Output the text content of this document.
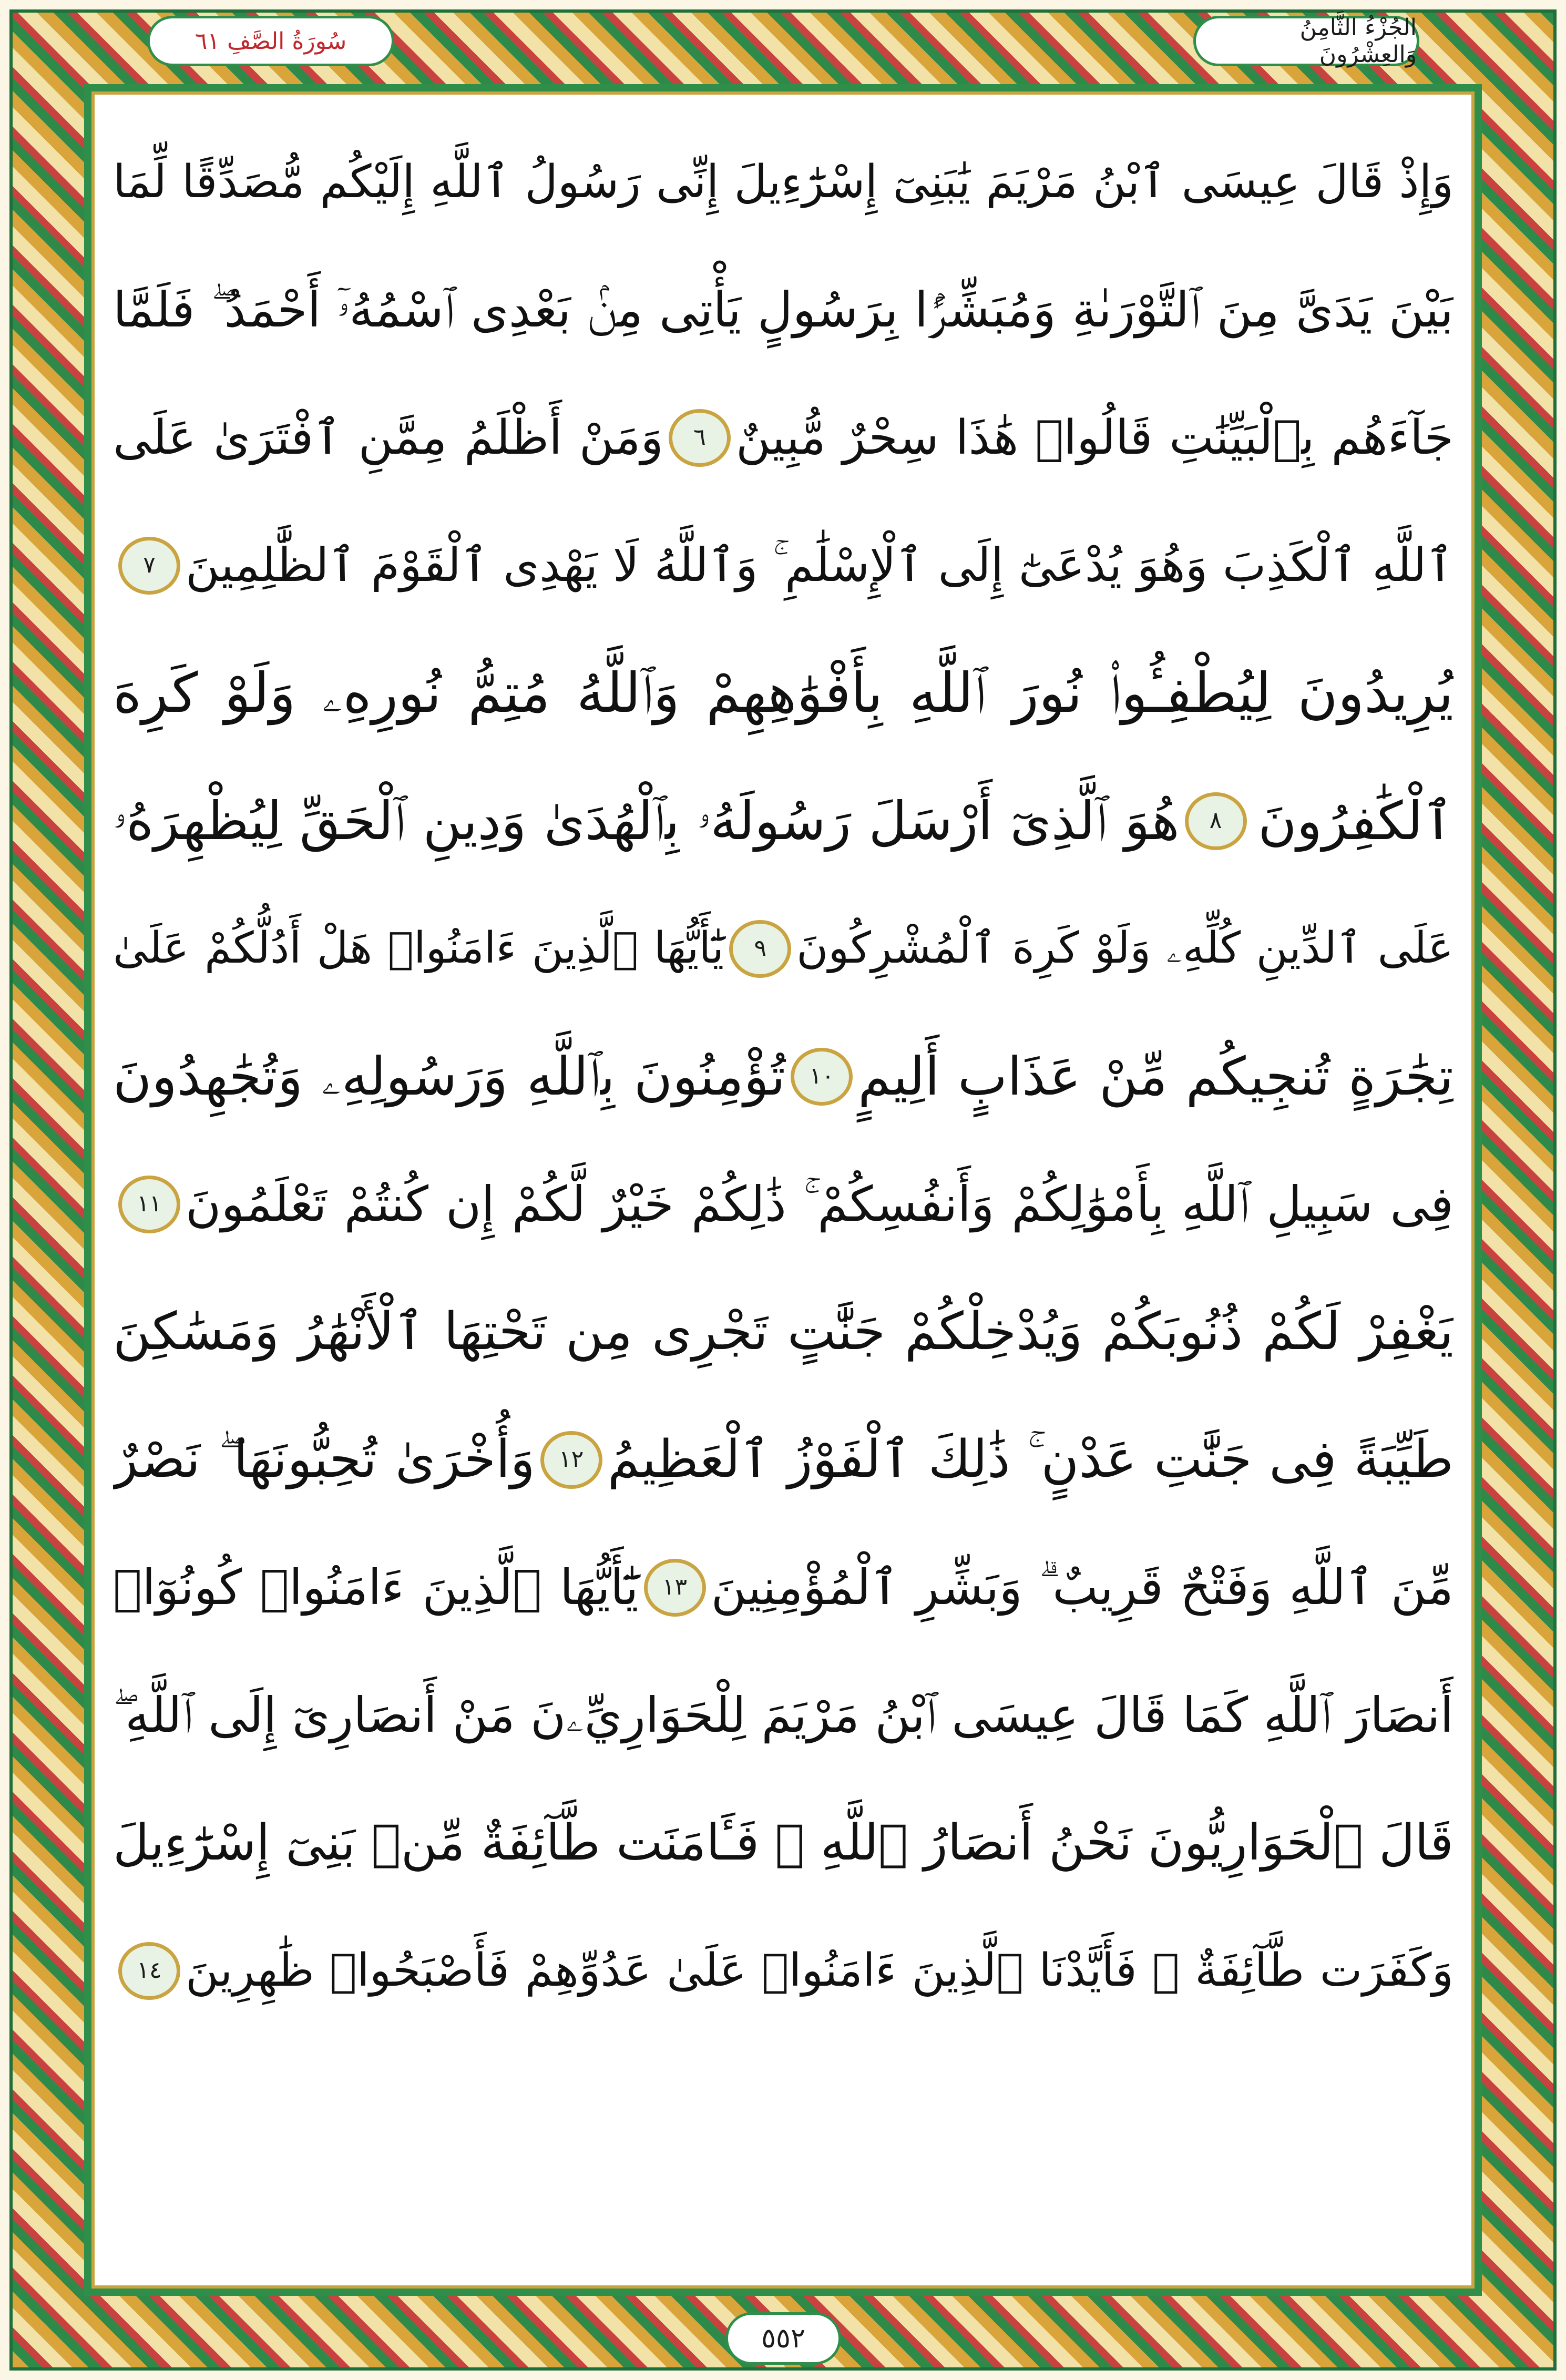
سُورَةُ الصَّفِ ٦١	الجُزْءُ الثَّامِنُ وَالعِشْرُونَ
وَإِذْ قَالَ عِيسَى ٱبْنُ مَرْيَمَ يَٰبَنِىٓ إِسْرَٰٓءِيلَ إِنِّى رَسُولُ ٱللَّهِ إِلَيْكُم مُّصَدِّقًا لِّمَا
بَيْنَ يَدَىَّ مِنَ ٱلتَّوْرَىٰةِ وَمُبَشِّرًۢا بِرَسُولٍ يَأْتِى مِنۢ بَعْدِى ٱسْمُهُۥٓ أَحْمَدُ ۖ فَلَمَّا
جَآءَهُم بِٱلْبَيِّنَٰتِ قَالُوا۟ هَٰذَا سِحْرٌ مُّبِينٌ
٦
وَمَنْ أَظْلَمُ مِمَّنِ ٱفْتَرَىٰ عَلَى
ٱللَّهِ ٱلْكَذِبَ وَهُوَ يُدْعَىٰٓ إِلَى ٱلْإِسْلَٰمِ ۚ وَٱللَّهُ لَا يَهْدِى ٱلْقَوْمَ ٱلظَّٰلِمِينَ
٧
يُرِيدُونَ لِيُطْفِـُٔوا۟ نُورَ ٱللَّهِ بِأَفْوَٰهِهِمْ وَٱللَّهُ مُتِمُّ نُورِهِۦ وَلَوْ كَرِهَ
ٱلْكَٰفِرُونَ
٨
هُوَ ٱلَّذِىٓ أَرْسَلَ رَسُولَهُۥ بِٱلْهُدَىٰ وَدِينِ ٱلْحَقِّ لِيُظْهِرَهُۥ
عَلَى ٱلدِّينِ كُلِّهِۦ وَلَوْ كَرِهَ ٱلْمُشْرِكُونَ
٩
يَٰٓأَيُّهَا ٱلَّذِينَ ءَامَنُوا۟ هَلْ أَدُلُّكُمْ عَلَىٰ
تِجَٰرَةٍ تُنجِيكُم مِّنْ عَذَابٍ أَلِيمٍ
١٠
تُؤْمِنُونَ بِٱللَّهِ وَرَسُولِهِۦ وَتُجَٰهِدُونَ
فِى سَبِيلِ ٱللَّهِ بِأَمْوَٰلِكُمْ وَأَنفُسِكُمْ ۚ ذَٰلِكُمْ خَيْرٌ لَّكُمْ إِن كُنتُمْ تَعْلَمُونَ
١١
يَغْفِرْ لَكُمْ ذُنُوبَكُمْ وَيُدْخِلْكُمْ جَنَّٰتٍ تَجْرِى مِن تَحْتِهَا ٱلْأَنْهَٰرُ وَمَسَٰكِنَ
طَيِّبَةً فِى جَنَّٰتِ عَدْنٍ ۚ ذَٰلِكَ ٱلْفَوْزُ ٱلْعَظِيمُ
١٢
وَأُخْرَىٰ تُحِبُّونَهَا ۖ نَصْرٌ
مِّنَ ٱللَّهِ وَفَتْحٌ قَرِيبٌ ۗ وَبَشِّرِ ٱلْمُؤْمِنِينَ
١٣
يَٰٓأَيُّهَا ٱلَّذِينَ ءَامَنُوا۟ كُونُوٓا۟
أَنصَارَ ٱللَّهِ كَمَا قَالَ عِيسَى ٱبْنُ مَرْيَمَ لِلْحَوَارِيِّۦنَ مَنْ أَنصَارِىٓ إِلَى ٱللَّهِ ۖ
قَالَ ٱلْحَوَارِيُّونَ نَحْنُ أَنصَارُ ٱللَّهِ ۖ فَـَٔامَنَت طَّآئِفَةٌ مِّنۢ بَنِىٓ إِسْرَٰٓءِيلَ
وَكَفَرَت طَّآئِفَةٌ ۖ فَأَيَّدْنَا ٱلَّذِينَ ءَامَنُوا۟ عَلَىٰ عَدُوِّهِمْ فَأَصْبَحُوا۟ ظَٰهِرِينَ
١٤
٥٥٢
